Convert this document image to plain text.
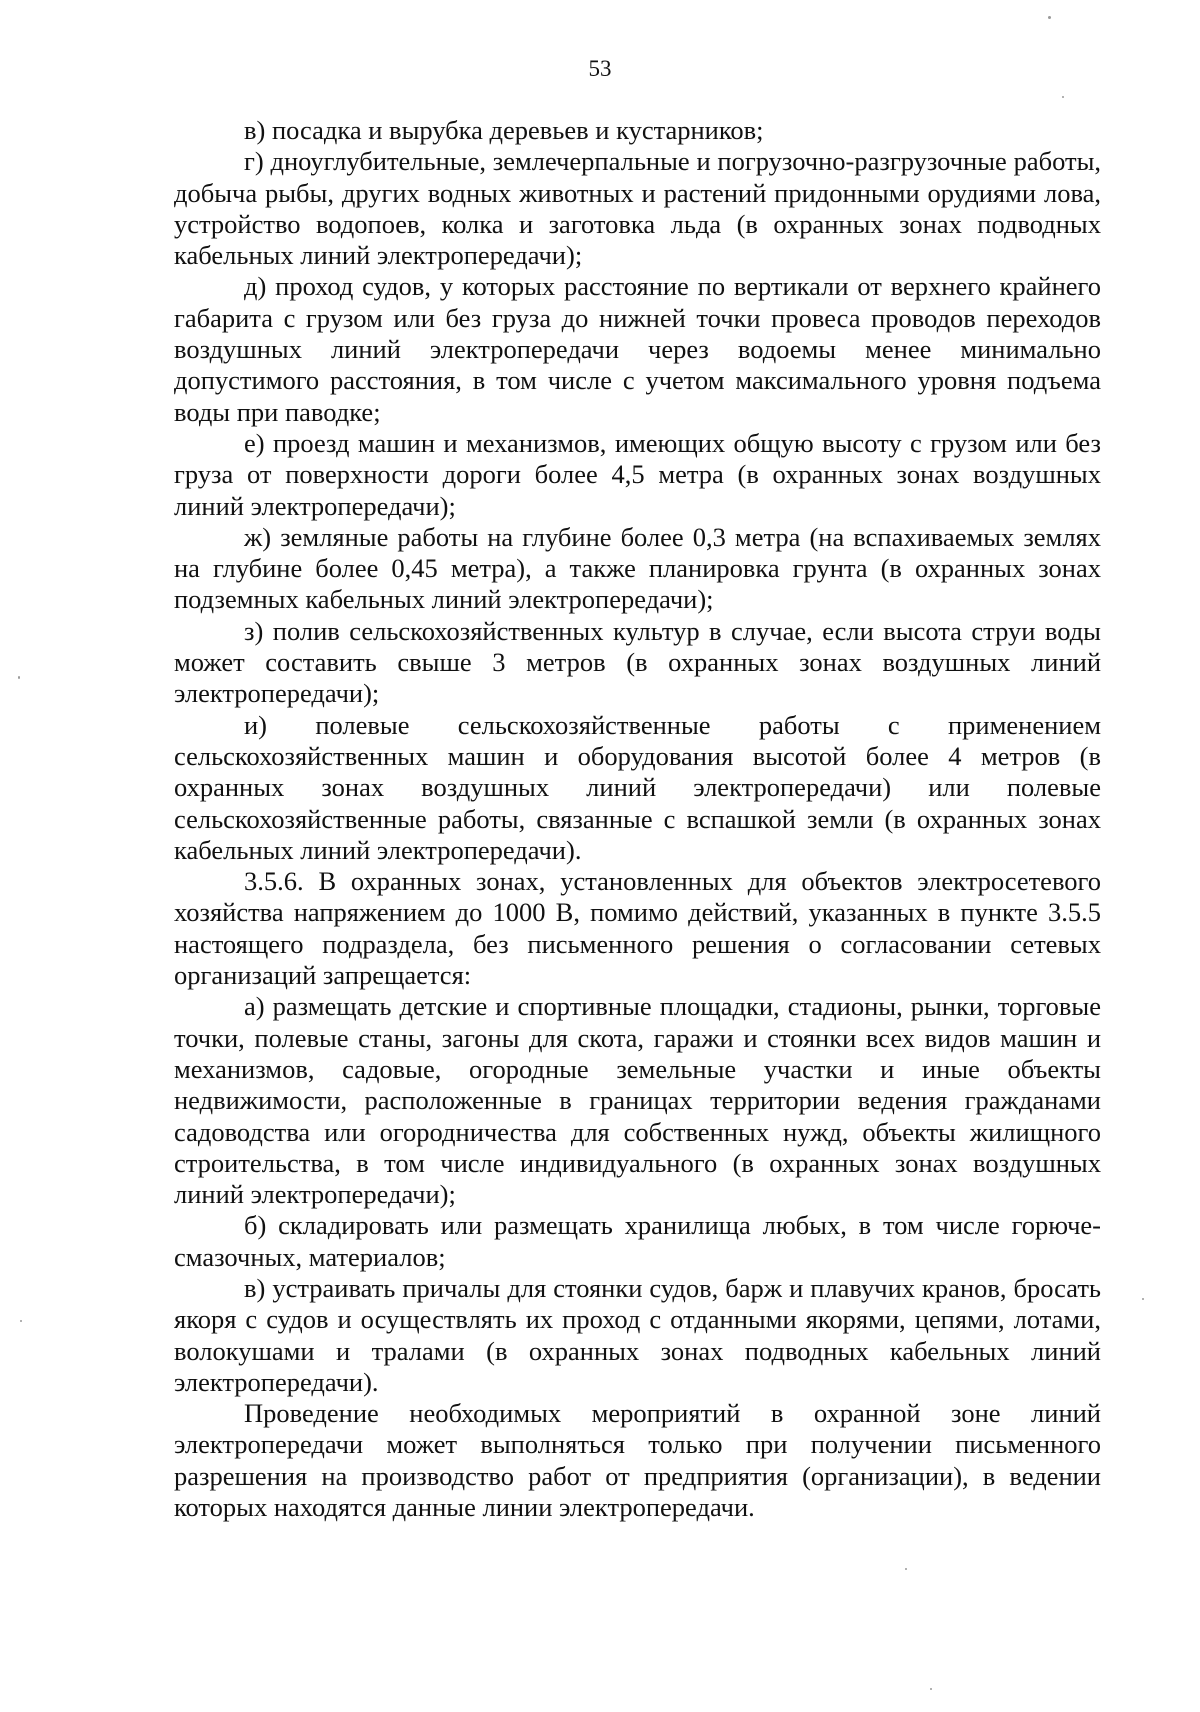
53

в) посадка и вырубка деревьев и кустарников;

г) дноуглубительные, землечерпальные и погрузочно-разгрузочные работы, добыча рыбы, других водных животных и растений придонными орудиями лова, устройство водопоев, колка и заготовка льда (в охранных зонах подводных кабельных линий электропередачи);

д) проход судов, у которых расстояние по вертикали от верхнего крайнего габарита с грузом или без груза до нижней точки провеса проводов переходов воздушных линий электропередачи через водоемы менее минимально допустимого расстояния, в том числе с учетом максимального уровня подъема воды при паводке;

е) проезд машин и механизмов, имеющих общую высоту с грузом или без груза от поверхности дороги более 4,5 метра (в охранных зонах воздушных линий электропередачи);

ж) земляные работы на глубине более 0,3 метра (на вспахиваемых землях на глубине более 0,45 метра), а также планировка грунта (в охранных зонах подземных кабельных линий электропередачи);

з) полив сельскохозяйственных культур в случае, если высота струи воды может составить свыше 3 метров (в охранных зонах воздушных линий электропередачи);

и) полевые сельскохозяйственные работы с применением сельскохозяйственных машин и оборудования высотой более 4 метров (в охранных зонах воздушных линий электропередачи) или полевые сельскохозяйственные работы, связанные с вспашкой земли (в охранных зонах кабельных линий электропередачи).

3.5.6. В охранных зонах, установленных для объектов электросетевого хозяйства напряжением до 1000 В, помимо действий, указанных в пункте 3.5.5 настоящего подраздела, без письменного решения о согласовании сетевых организаций запрещается:

а) размещать детские и спортивные площадки, стадионы, рынки, торговые точки, полевые станы, загоны для скота, гаражи и стоянки всех видов машин и механизмов, садовые, огородные земельные участки и иные объекты недвижимости, расположенные в границах территории ведения гражданами садоводства или огородничества для собственных нужд, объекты жилищного строительства, в том числе индивидуального (в охранных зонах воздушных линий электропередачи);

б) складировать или размещать хранилища любых, в том числе горюче-смазочных, материалов;

в) устраивать причалы для стоянки судов, барж и плавучих кранов, бросать якоря с судов и осуществлять их проход с отданными якорями, цепями, лотами, волокушами и тралами (в охранных зонах подводных кабельных линий электропередачи).

Проведение необходимых мероприятий в охранной зоне линий электропередачи может выполняться только при получении письменного разрешения на производство работ от предприятия (организации), в ведении которых находятся данные линии электропередачи.
